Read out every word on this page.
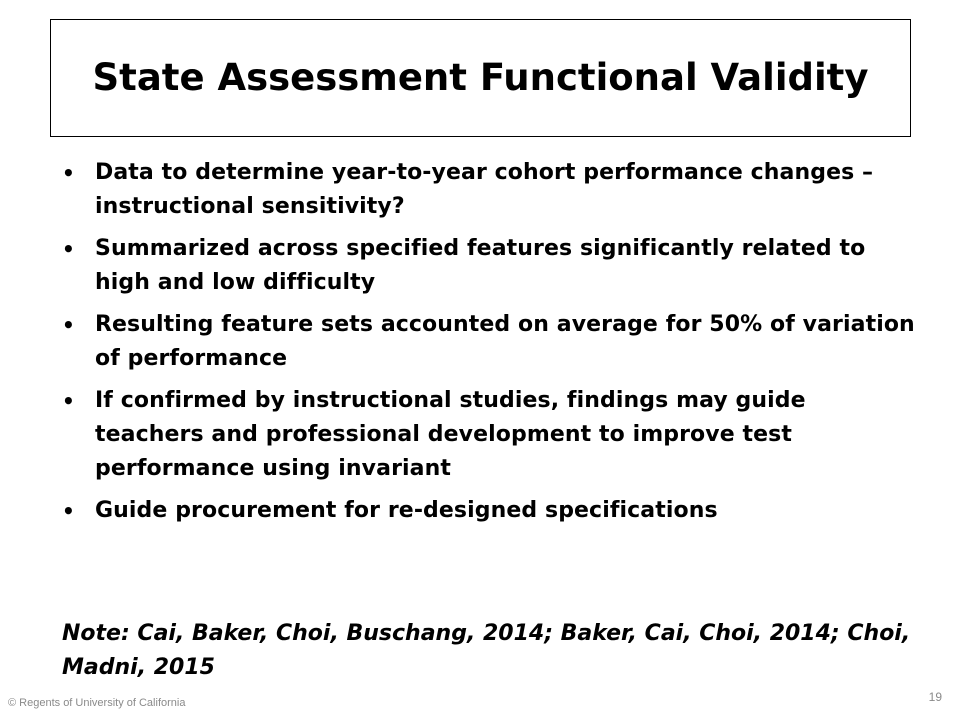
State Assessment Functional Validity
• Data to determine year-to-year cohort performance changes – instructional sensitivity?
• Summarized across specified features significantly related to high and low difficulty
• Resulting feature sets accounted on average for 50% of variation of performance
• If confirmed by instructional studies, findings may guide teachers and professional development to improve test performance using invariant
• Guide procurement for re-designed specifications

Note: Cai, Baker, Choi, Buschang, 2014; Baker, Cai, Choi, 2014; Choi, Madni, 2015

© Regents of University of California	19
